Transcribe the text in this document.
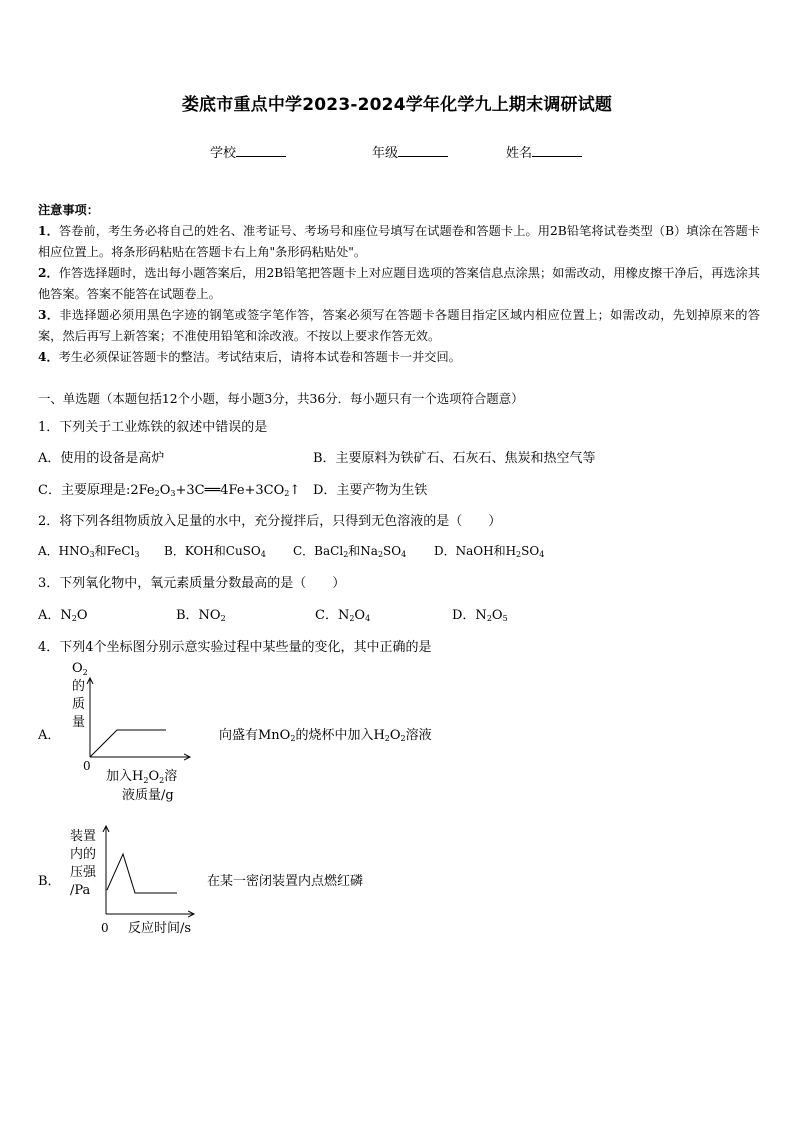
娄底市重点中学2023-2024学年化学九上期末调研试题
学校	年级	姓名

注意事项：

1．答卷前，考生务必将自己的姓名、准考证号、考场号和座位号填写在试题卷和答题卡上。用2B铅笔将试卷类型（B）填涂在答题卡相应位置上。将条形码粘贴在答题卡右上角"条形码粘贴处"。

2．作答选择题时，选出每小题答案后，用2B铅笔把答题卡上对应题目选项的答案信息点涂黑；如需改动，用橡皮擦干净后，再选涂其他答案。答案不能答在试题卷上。

3．非选择题必须用黑色字迹的钢笔或签字笔作答，答案必须写在答题卡各题目指定区域内相应位置上；如需改动，先划掉原来的答案，然后再写上新答案；不准使用铅笔和涂改液。不按以上要求作答无效。

4．考生必须保证答题卡的整洁。考试结束后，请将本试卷和答题卡一并交回。

一、单选题（本题包括12个小题，每小题3分，共36分．每小题只有一个选项符合题意）
1．下列关于工业炼铁的叙述中错误的是
A．使用的设备是高炉	B．主要原料为铁矿石、石灰石、焦炭和热空气等
C．主要原理是$:2Fe_2O_3+3C══4Fe+3CO_2↑$ D．主要产物为生铁
2．将下列各组物质放入足量的水中，充分搅拌后，只得到无色溶液的是（　　）
A．$HNO_3$和FeCl$_3$ B．KOH和CuSO$_4$ C．BaCl$_2$和$Na_2SO_4$ D．NaOH和$H_2SO_4$
3．下列氧化物中，氧元素质量分数最高的是（　　）
A．$N_2O$	B．$NO_2$	C．$N_2O_4$	D．$N_2O_5$
4．下列4个坐标图分别示意实验过程中某些量的变化，其中正确的是
A．
$O_2$
的
质
量
0
加入$H_2O_2$溶
液质量/g
向盛有MnO$_2$的烧杯中加入$H_2O_2$溶液
B．
装置
内的
压强
/Pa
0 反应时间/s
在某一密闭装置内点燃红磷
